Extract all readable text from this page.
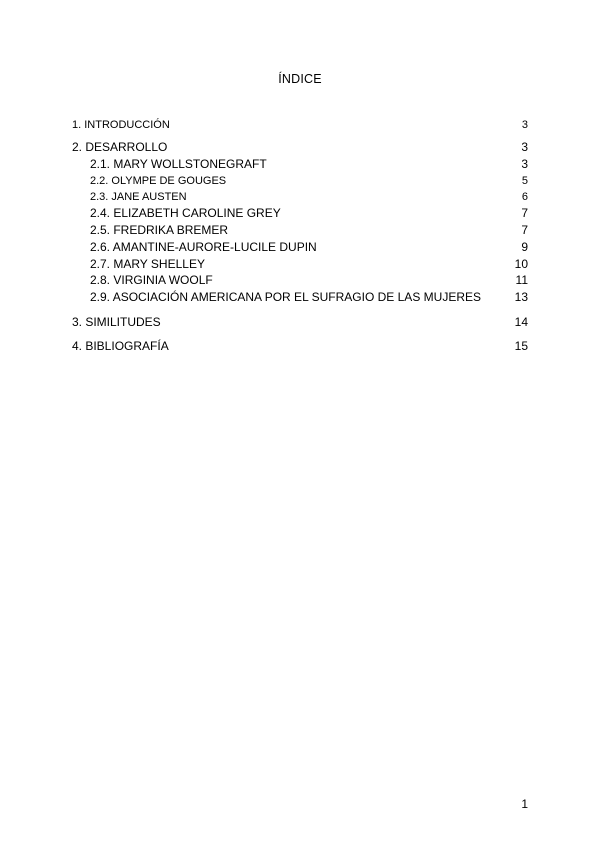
ÍNDICE
1. INTRODUCCIÓN	3
2. DESARROLLO	3
2.1. MARY WOLLSTONEGRAFT	3
2.2. OLYMPE DE GOUGES	5
2.3. JANE AUSTEN	6
2.4. ELIZABETH CAROLINE GREY	7
2.5. FREDRIKA BREMER	7
2.6. AMANTINE-AURORE-LUCILE DUPIN	9
2.7. MARY SHELLEY	10
2.8. VIRGINIA WOOLF	11
2.9. ASOCIACIÓN AMERICANA POR EL SUFRAGIO DE LAS MUJERES	13
3. SIMILITUDES	14
4. BIBLIOGRAFÍA	15
1
